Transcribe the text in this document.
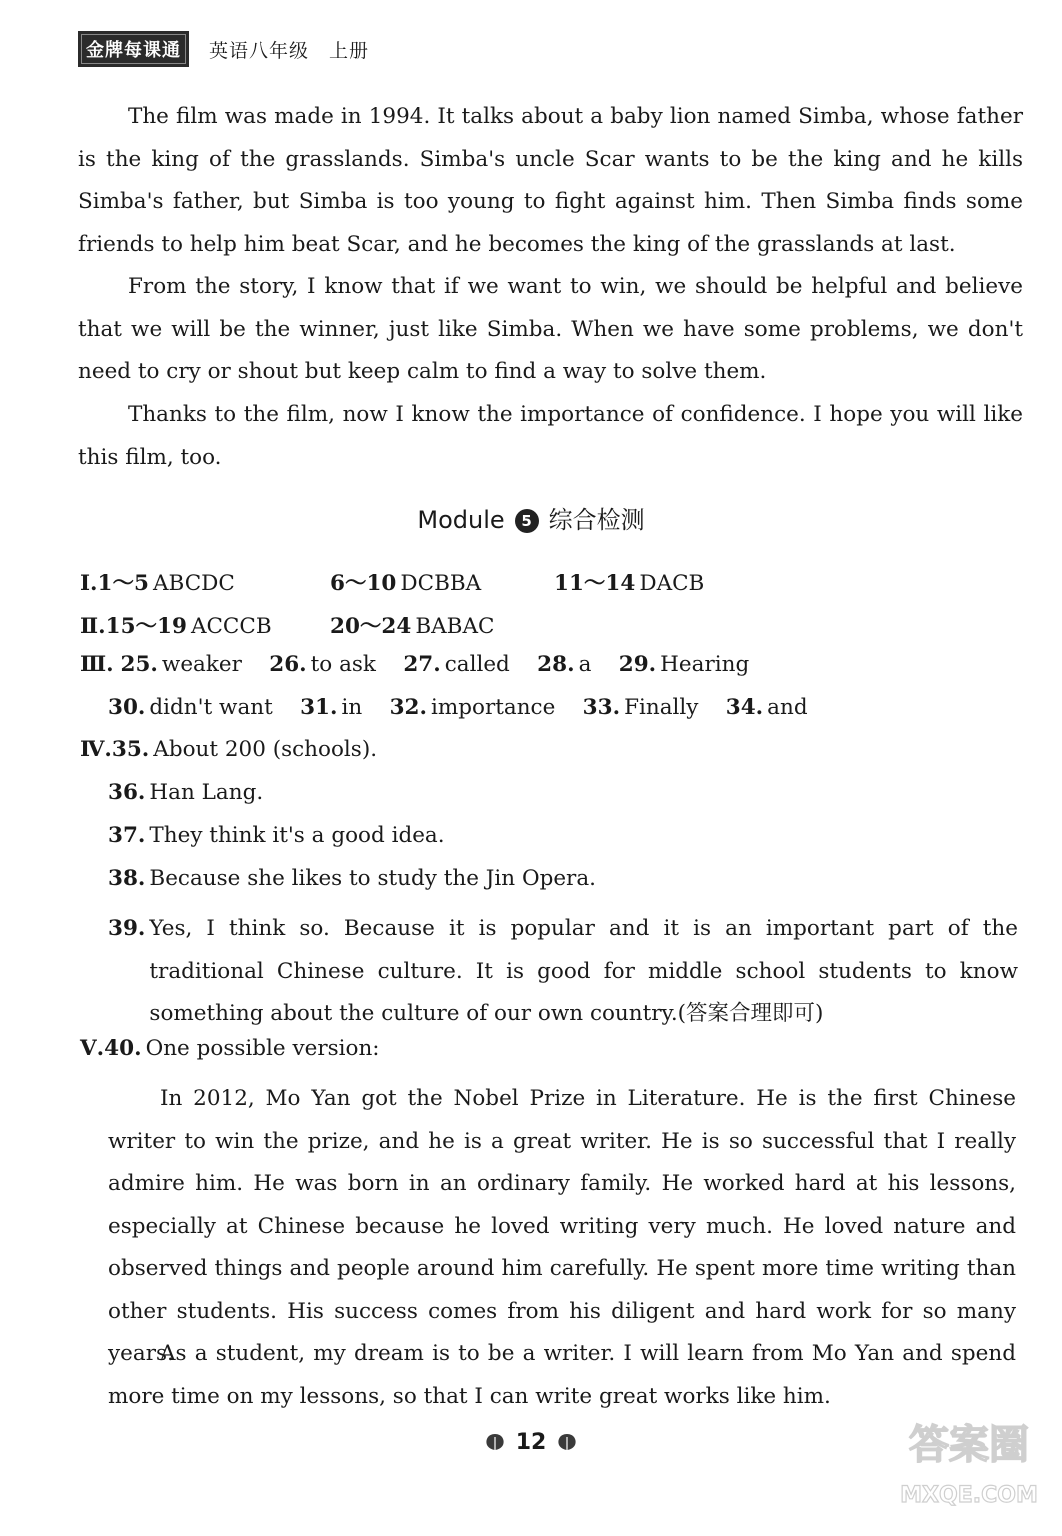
金牌每课通	英语八年级　上册

The film was made in 1994. It talks about a baby lion named Simba, whose father is the king of the grasslands. Simba's uncle Scar wants to be the king and he kills Simba's father, but Simba is too young to fight against him. Then Simba finds some friends to help him beat Scar, and he becomes the king of the grasslands at last.

From the story, I know that if we want to win, we should be helpful and believe that we will be the winner, just like Simba. When we have some problems, we don't need to cry or shout but keep calm to find a way to solve them.

Thanks to the film, now I know the importance of confidence. I hope you will like this film, too.

Module 5 综合检测
Ⅰ.1～5 ABCDC	6～10 DCBBA	11～14 DACB
Ⅱ.15～19 ACCCB	20～24 BABAC
Ⅲ. 25. weaker 26. to ask 27. called 28. a 29. Hearing
30. didn't want 31. in 32. importance 33. Finally 34. and
Ⅳ.35. About 200 (schools).
36. Han Lang.
37. They think it's a good idea.
38. Because she likes to study the Jin Opera.
39. Yes, I think so. Because it is popular and it is an important part of the traditional Chinese culture. It is good for middle school students to know something about the culture of our own country.(答案合理即可)
Ⅴ.40. One possible version:

In 2012, Mo Yan got the Nobel Prize in Literature. He is the first Chinese writer to win the prize, and he is a great writer. He is so successful that I really admire him. He was born in an ordinary family. He worked hard at his lessons, especially at Chinese because he loved writing very much. He loved nature and observed things and people around him carefully. He spent more time writing than other students. His success comes from his diligent and hard work for so many years.

As a student, my dream is to be a writer. I will learn from Mo Yan and spend more time on my lessons, so that I can write great works like him.

12	答案圈
MXQE.COM
